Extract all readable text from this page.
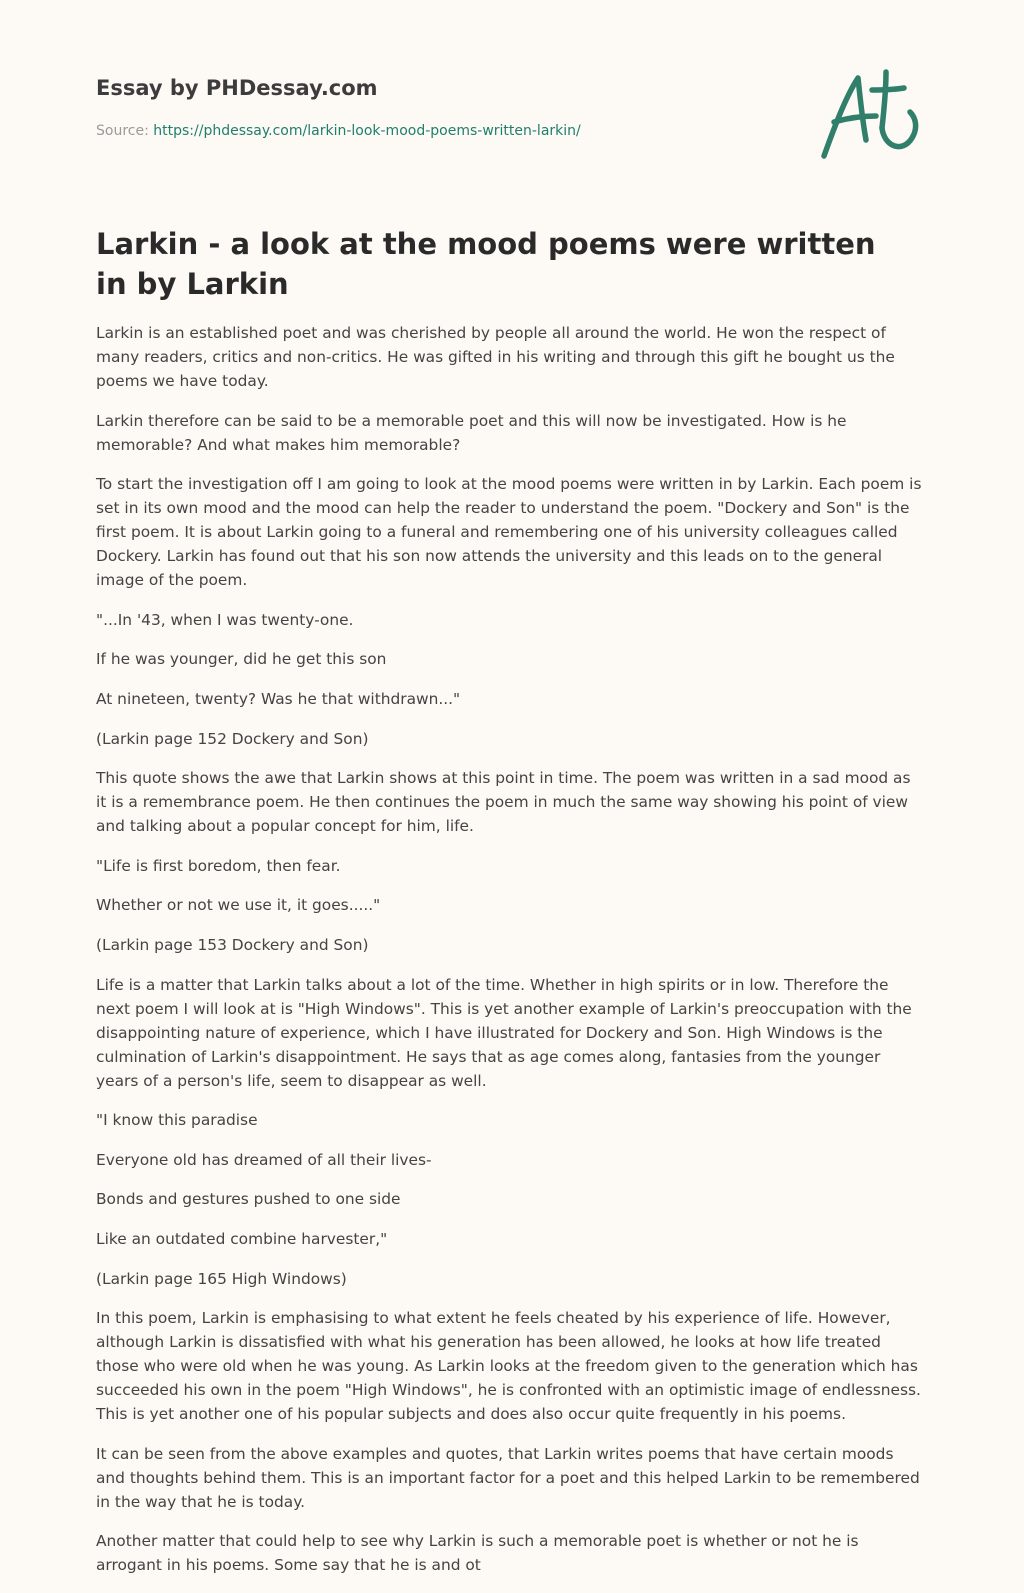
Essay by PHDessay.com
Source: https://phdessay.com/larkin-look-mood-poems-written-larkin/
Larkin - a look at the mood poems were written in by Larkin

Larkin is an established poet and was cherished by people all around the world. He won the respect of many readers, critics and non-critics. He was gifted in his writing and through this gift he bought us the poems we have today.

Larkin therefore can be said to be a memorable poet and this will now be investigated. How is he memorable? And what makes him memorable?

To start the investigation off I am going to look at the mood poems were written in by Larkin. Each poem is set in its own mood and the mood can help the reader to understand the poem. "Dockery and Son" is the first poem. It is about Larkin going to a funeral and remembering one of his university colleagues called Dockery. Larkin has found out that his son now attends the university and this leads on to the general image of the poem.

"...In '43, when I was twenty-one.

If he was younger, did he get this son

At nineteen, twenty? Was he that withdrawn..."

(Larkin page 152 Dockery and Son)

This quote shows the awe that Larkin shows at this point in time. The poem was written in a sad mood as it is a remembrance poem. He then continues the poem in much the same way showing his point of view and talking about a popular concept for him, life.

"Life is first boredom, then fear.

Whether or not we use it, it goes....."

(Larkin page 153 Dockery and Son)

Life is a matter that Larkin talks about a lot of the time. Whether in high spirits or in low. Therefore the next poem I will look at is "High Windows". This is yet another example of Larkin's preoccupation with the disappointing nature of experience, which I have illustrated for Dockery and Son. High Windows is the culmination of Larkin's disappointment. He says that as age comes along, fantasies from the younger years of a person's life, seem to disappear as well.

"I know this paradise

Everyone old has dreamed of all their lives-

Bonds and gestures pushed to one side

Like an outdated combine harvester,"

(Larkin page 165 High Windows)

In this poem, Larkin is emphasising to what extent he feels cheated by his experience of life. However, although Larkin is dissatisfied with what his generation has been allowed, he looks at how life treated those who were old when he was young. As Larkin looks at the freedom given to the generation which has succeeded his own in the poem "High Windows", he is confronted with an optimistic image of endlessness. This is yet another one of his popular subjects and does also occur quite frequently in his poems.

It can be seen from the above examples and quotes, that Larkin writes poems that have certain moods and thoughts behind them. This is an important factor for a poet and this helped Larkin to be remembered in the way that he is today.

Another matter that could help to see why Larkin is such a memorable poet is whether or not he is arrogant in his poems. Some say that he is and ot
